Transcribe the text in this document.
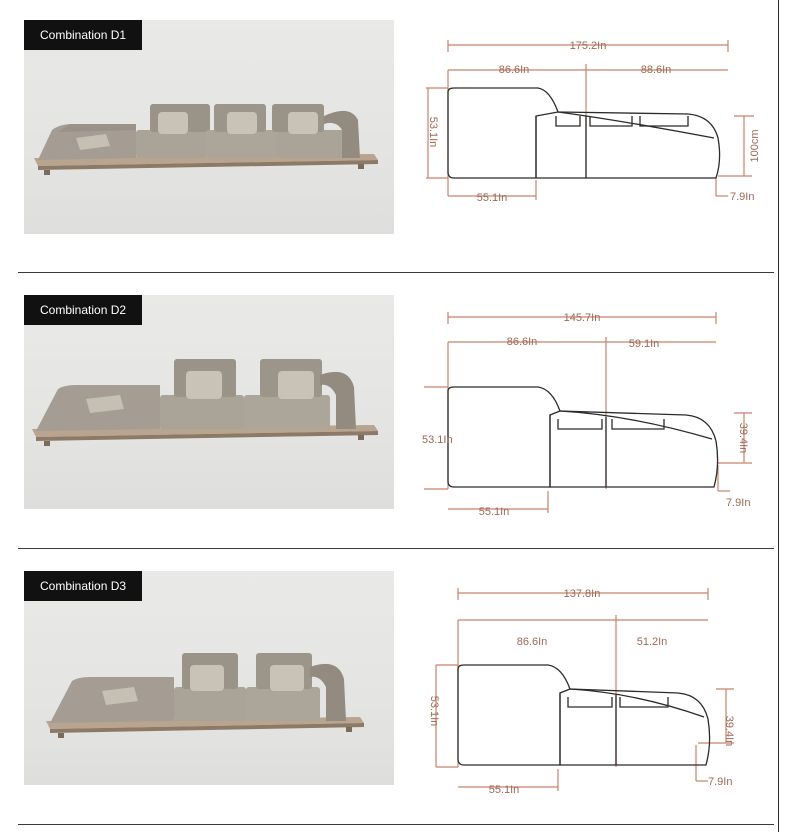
Combination D1
175.2In
86.6In	88.6In
53.1In
55.1In
100cm
7.9In
Combination D2
145.7In
86.6In	59.1In
53.1In
55.1In
39.4In
7.9In
Combination D3
137.8In
86.6In	51.2In
53.1In
55.1In
39.4In
7.9In
